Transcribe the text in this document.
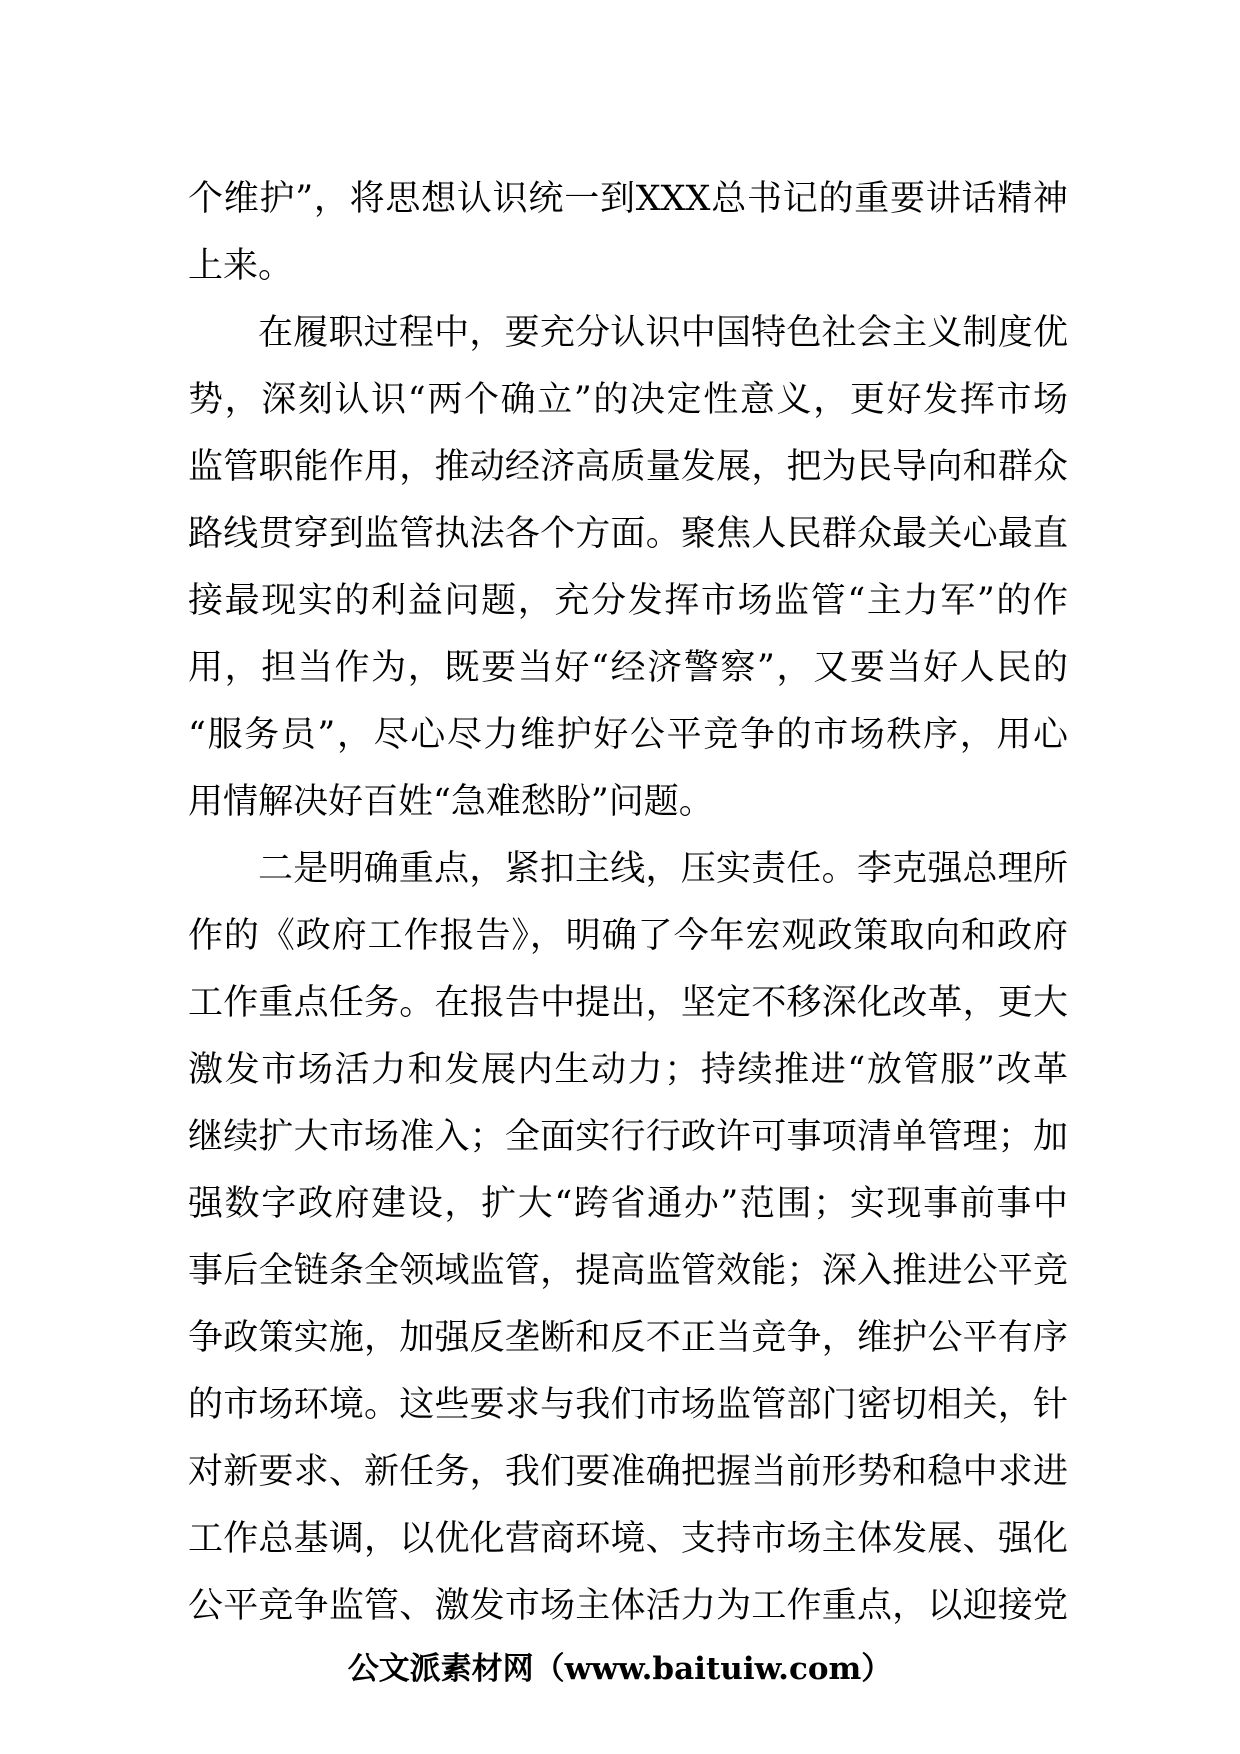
个维护”，将思想认识统一到XXX总书记的重要讲话精神
上来。
在履职过程中，要充分认识中国特色社会主义制度优
势，深刻认识“两个确立”的决定性意义，更好发挥市场
监管职能作用，推动经济高质量发展，把为民导向和群众
路线贯穿到监管执法各个方面。聚焦人民群众最关心最直
接最现实的利益问题，充分发挥市场监管“主力军”的作
用，担当作为，既要当好“经济警察”，又要当好人民的
“服务员”，尽心尽力维护好公平竞争的市场秩序，用心
用情解决好百姓“急难愁盼”问题。
二是明确重点，紧扣主线，压实责任。李克强总理所
作的《政府工作报告》，明确了今年宏观政策取向和政府
工作重点任务。在报告中提出，坚定不移深化改革，更大
激发市场活力和发展内生动力；持续推进“放管服”改革
继续扩大市场准入；全面实行行政许可事项清单管理；加
强数字政府建设，扩大“跨省通办”范围；实现事前事中
事后全链条全领域监管，提高监管效能；深入推进公平竞
争政策实施，加强反垄断和反不正当竞争，维护公平有序
的市场环境。这些要求与我们市场监管部门密切相关，针
对新要求、新任务，我们要准确把握当前形势和稳中求进
工作总基调，以优化营商环境、支持市场主体发展、强化
公平竞争监管、激发市场主体活力为工作重点，以迎接党
公文派素材网（www.baituiw.com）
